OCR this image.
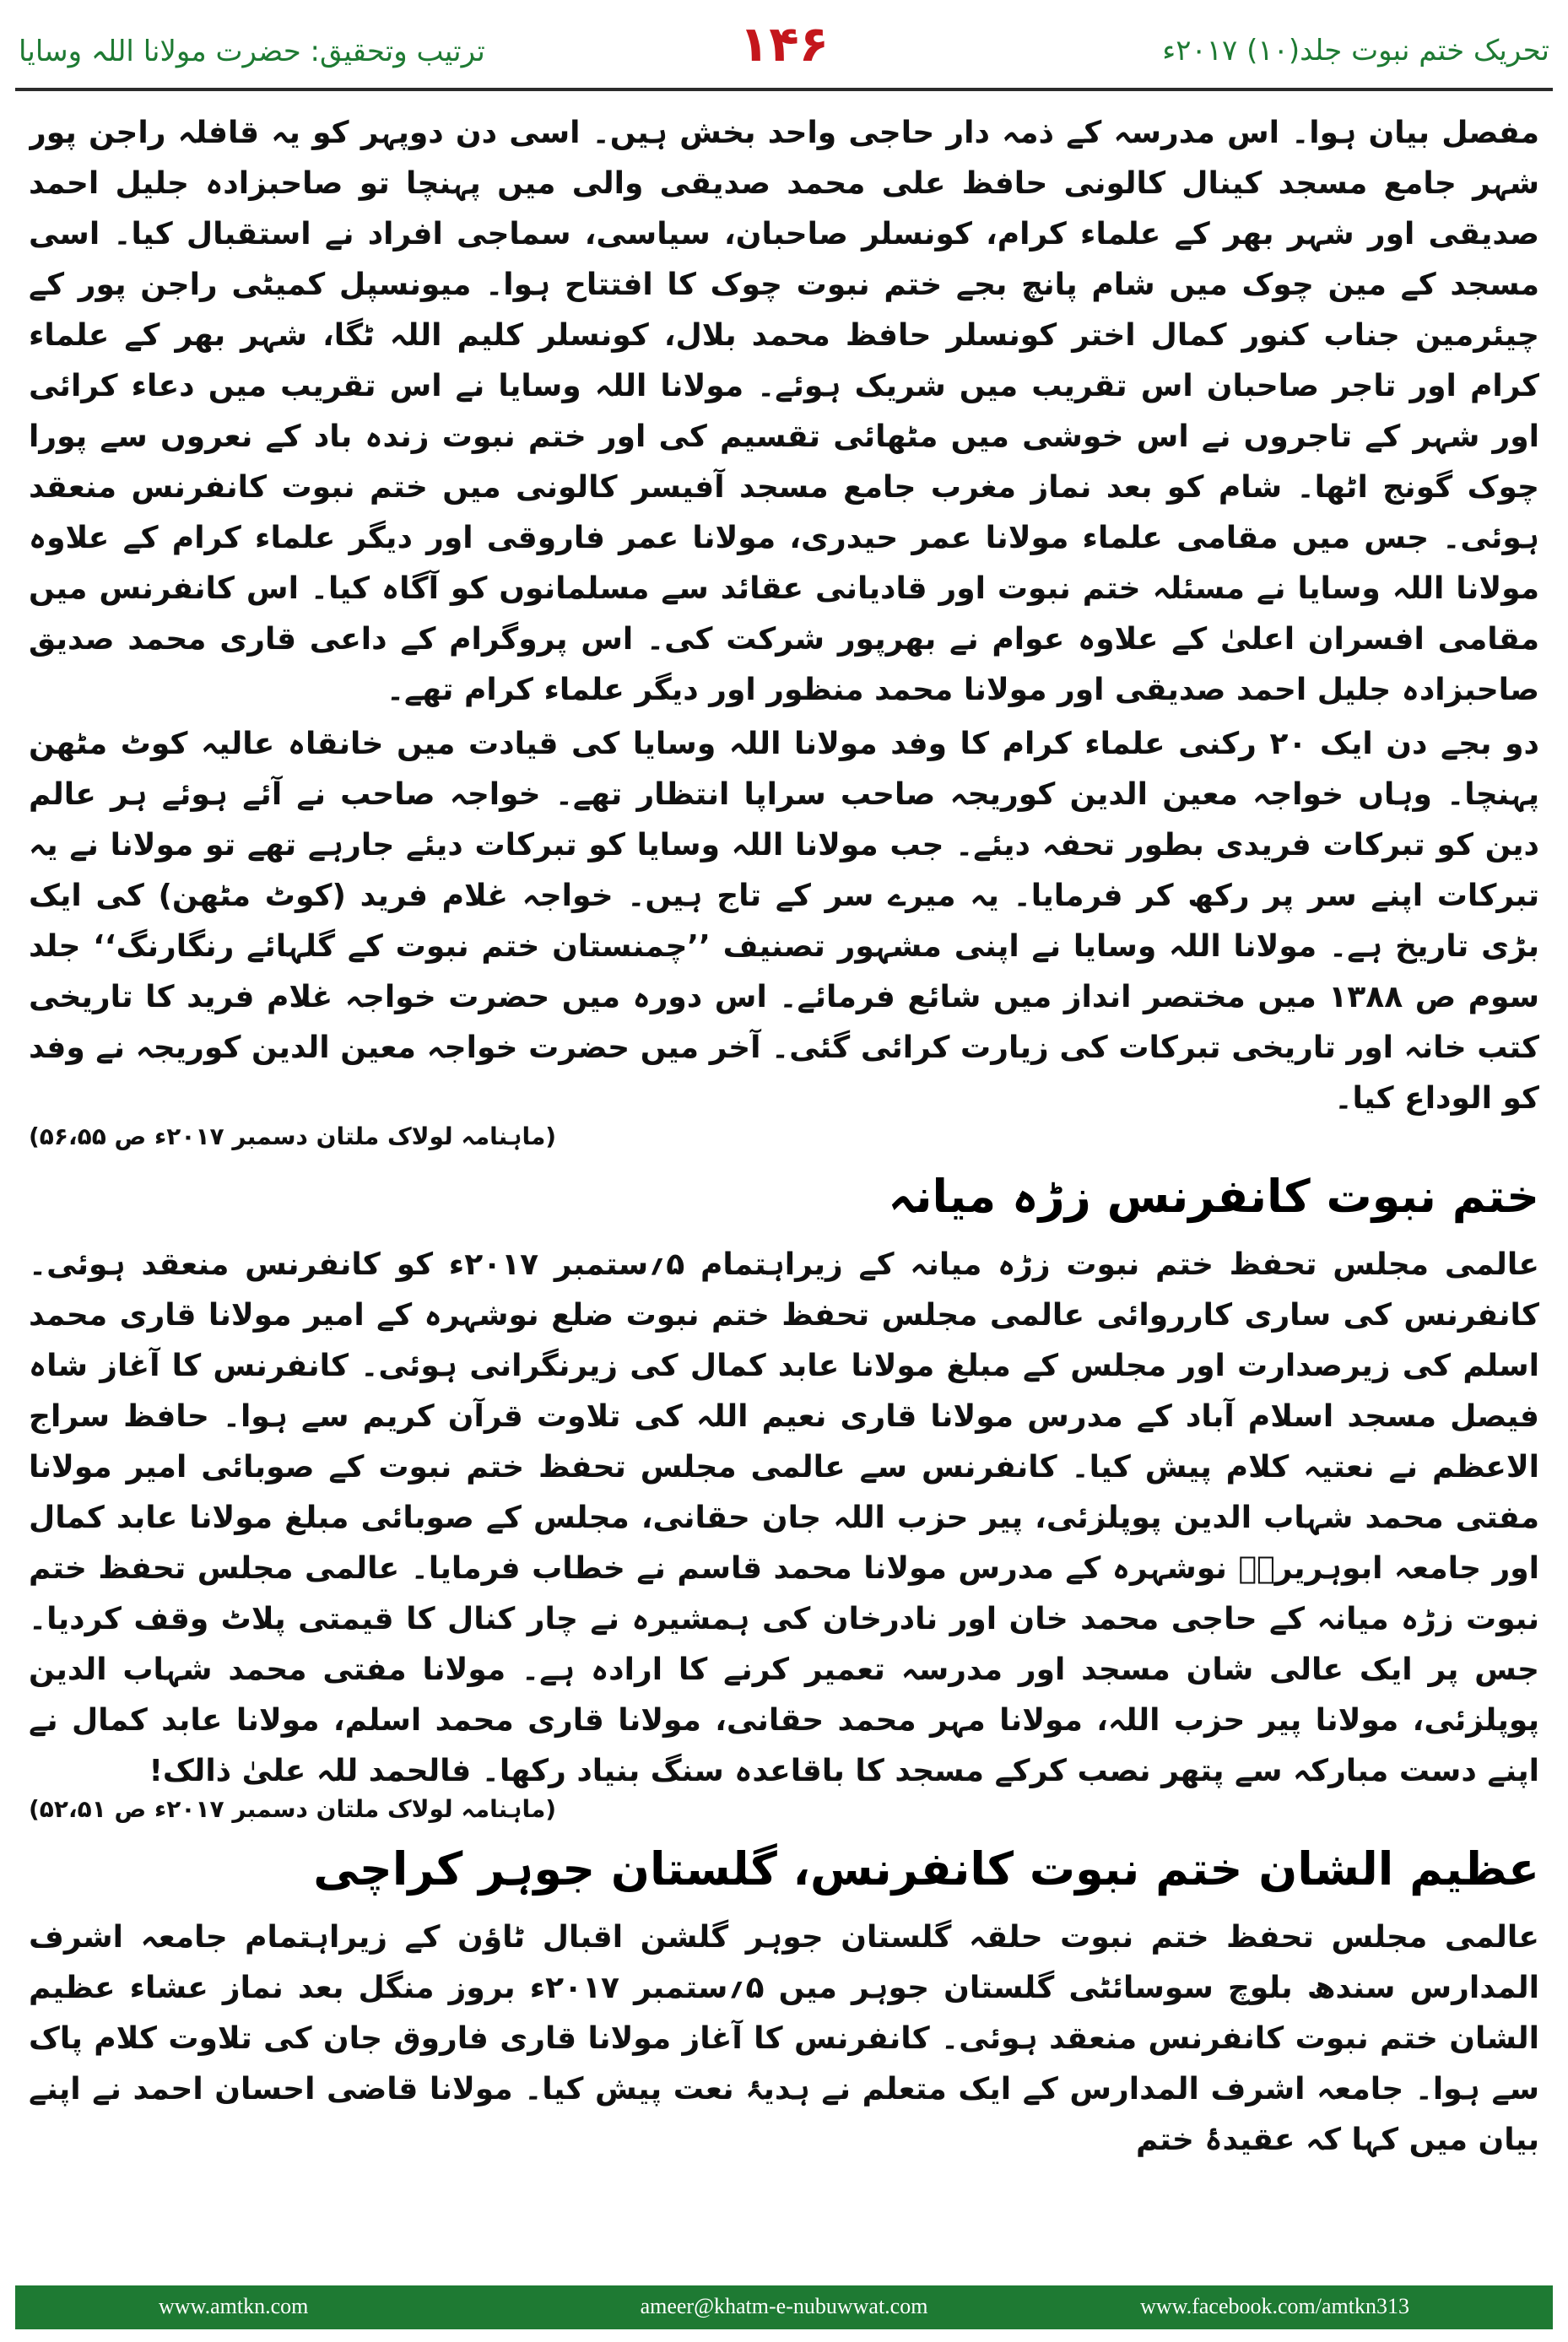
ترتیب وتحقیق: حضرت مولانا اللہ وسایا	۱۴۶	تحریک ختم نبوت جلد(۱۰) ۲۰۱۷ء

مفصل بیان ہوا۔ اس مدرسہ کے ذمہ دار حاجی واحد بخش ہیں۔ اسی دن دوپہر کو یہ قافلہ راجن پور شہر جامع مسجد کینال کالونی حافظ علی محمد صدیقی والی میں پہنچا تو صاحبزادہ جلیل احمد صدیقی اور شہر بھر کے علماء کرام، کونسلر صاحبان، سیاسی، سماجی افراد نے استقبال کیا۔ اسی مسجد کے مین چوک میں شام پانچ بجے ختم نبوت چوک کا افتتاح ہوا۔ میونسپل کمیٹی راجن پور کے چیئرمین جناب کنور کمال اختر کونسلر حافظ محمد بلال، کونسلر کلیم اللہ ٹگا، شہر بھر کے علماء کرام اور تاجر صاحبان اس تقریب میں شریک ہوئے۔ مولانا اللہ وسایا نے اس تقریب میں دعاء کرائی اور شہر کے تاجروں نے اس خوشی میں مٹھائی تقسیم کی اور ختم نبوت زندہ باد کے نعروں سے پورا چوک گونج اٹھا۔ شام کو بعد نماز مغرب جامع مسجد آفیسر کالونی میں ختم نبوت کانفرنس منعقد ہوئی۔ جس میں مقامی علماء مولانا عمر حیدری، مولانا عمر فاروقی اور دیگر علماء کرام کے علاوہ مولانا اللہ وسایا نے مسئلہ ختم نبوت اور قادیانی عقائد سے مسلمانوں کو آگاہ کیا۔ اس کانفرنس میں مقامی افسران اعلیٰ کے علاوہ عوام نے بھرپور شرکت کی۔ اس پروگرام کے داعی قاری محمد صدیق صاحبزادہ جلیل احمد صدیقی اور مولانا محمد منظور اور دیگر علماء کرام تھے۔

دو بجے دن ایک ۲۰ رکنی علماء کرام کا وفد مولانا اللہ وسایا کی قیادت میں خانقاہ عالیہ کوٹ مٹھن پہنچا۔ وہاں خواجہ معین الدین کوریجہ صاحب سراپا انتظار تھے۔ خواجہ صاحب نے آئے ہوئے ہر عالم دین کو تبرکات فریدی بطور تحفہ دیئے۔ جب مولانا اللہ وسایا کو تبرکات دیئے جارہے تھے تو مولانا نے یہ تبرکات اپنے سر پر رکھ کر فرمایا۔ یہ میرے سر کے تاج ہیں۔ خواجہ غلام فرید (کوٹ مٹھن) کی ایک بڑی تاریخ ہے۔ مولانا اللہ وسایا نے اپنی مشہور تصنیف ’’چمنستان ختم نبوت کے گلہائے رنگارنگ‘‘ جلد سوم ص ۱۳۸۸ میں مختصر انداز میں شائع فرمائے۔ اس دورہ میں حضرت خواجہ غلام فرید کا تاریخی کتب خانہ اور تاریخی تبرکات کی زیارت کرائی گئی۔ آخر میں حضرت خواجہ معین الدین کوریجہ نے وفد کو الوداع کیا۔

(ماہنامہ لولاک ملتان دسمبر ۲۰۱۷ء ص ۵۶،۵۵)
ختم نبوت کانفرنس زڑہ میانہ

عالمی مجلس تحفظ ختم نبوت زڑہ میانہ کے زیراہتمام ۵؍ستمبر ۲۰۱۷ء کو کانفرنس منعقد ہوئی۔ کانفرنس کی ساری کارروائی عالمی مجلس تحفظ ختم نبوت ضلع نوشہرہ کے امیر مولانا قاری محمد اسلم کی زیرصدارت اور مجلس کے مبلغ مولانا عابد کمال کی زیرنگرانی ہوئی۔ کانفرنس کا آغاز شاہ فیصل مسجد اسلام آباد کے مدرس مولانا قاری نعیم اللہ کی تلاوت قرآن کریم سے ہوا۔ حافظ سراج الاعظم نے نعتیہ کلام پیش کیا۔ کانفرنس سے عالمی مجلس تحفظ ختم نبوت کے صوبائی امیر مولانا مفتی محمد شہاب الدین پوپلزئی، پیر حزب اللہ جان حقانی، مجلس کے صوبائی مبلغ مولانا عابد کمال اور جامعہ ابوہریرہؓ نوشہرہ کے مدرس مولانا محمد قاسم نے خطاب فرمایا۔ عالمی مجلس تحفظ ختم نبوت زڑہ میانہ کے حاجی محمد خان اور نادرخان کی ہمشیرہ نے چار کنال کا قیمتی پلاٹ وقف کردیا۔ جس پر ایک عالی شان مسجد اور مدرسہ تعمیر کرنے کا ارادہ ہے۔ مولانا مفتی محمد شہاب الدین پوپلزئی، مولانا پیر حزب اللہ، مولانا مہر محمد حقانی، مولانا قاری محمد اسلم، مولانا عابد کمال نے اپنے دست مبارکہ سے پتھر نصب کرکے مسجد کا باقاعدہ سنگ بنیاد رکھا۔ فالحمد للہ علیٰ ذالک!

(ماہنامہ لولاک ملتان دسمبر ۲۰۱۷ء ص ۵۲،۵۱)
عظیم الشان ختم نبوت کانفرنس، گلستان جوہر کراچی

عالمی مجلس تحفظ ختم نبوت حلقہ گلستان جوہر گلشن اقبال ٹاؤن کے زیراہتمام جامعہ اشرف المدارس سندھ بلوچ سوسائٹی گلستان جوہر میں ۵؍ستمبر ۲۰۱۷ء بروز منگل بعد نماز عشاء عظیم الشان ختم نبوت کانفرنس منعقد ہوئی۔ کانفرنس کا آغاز مولانا قاری فاروق جان کی تلاوت کلام پاک سے ہوا۔ جامعہ اشرف المدارس کے ایک متعلم نے ہدیۂ نعت پیش کیا۔ مولانا قاضی احسان احمد نے اپنے بیان میں کہا کہ عقیدۂ ختم

ameer@khatm-e-nubuwwat.com
www.amtkn.com	www.facebook.com/amtkn313
